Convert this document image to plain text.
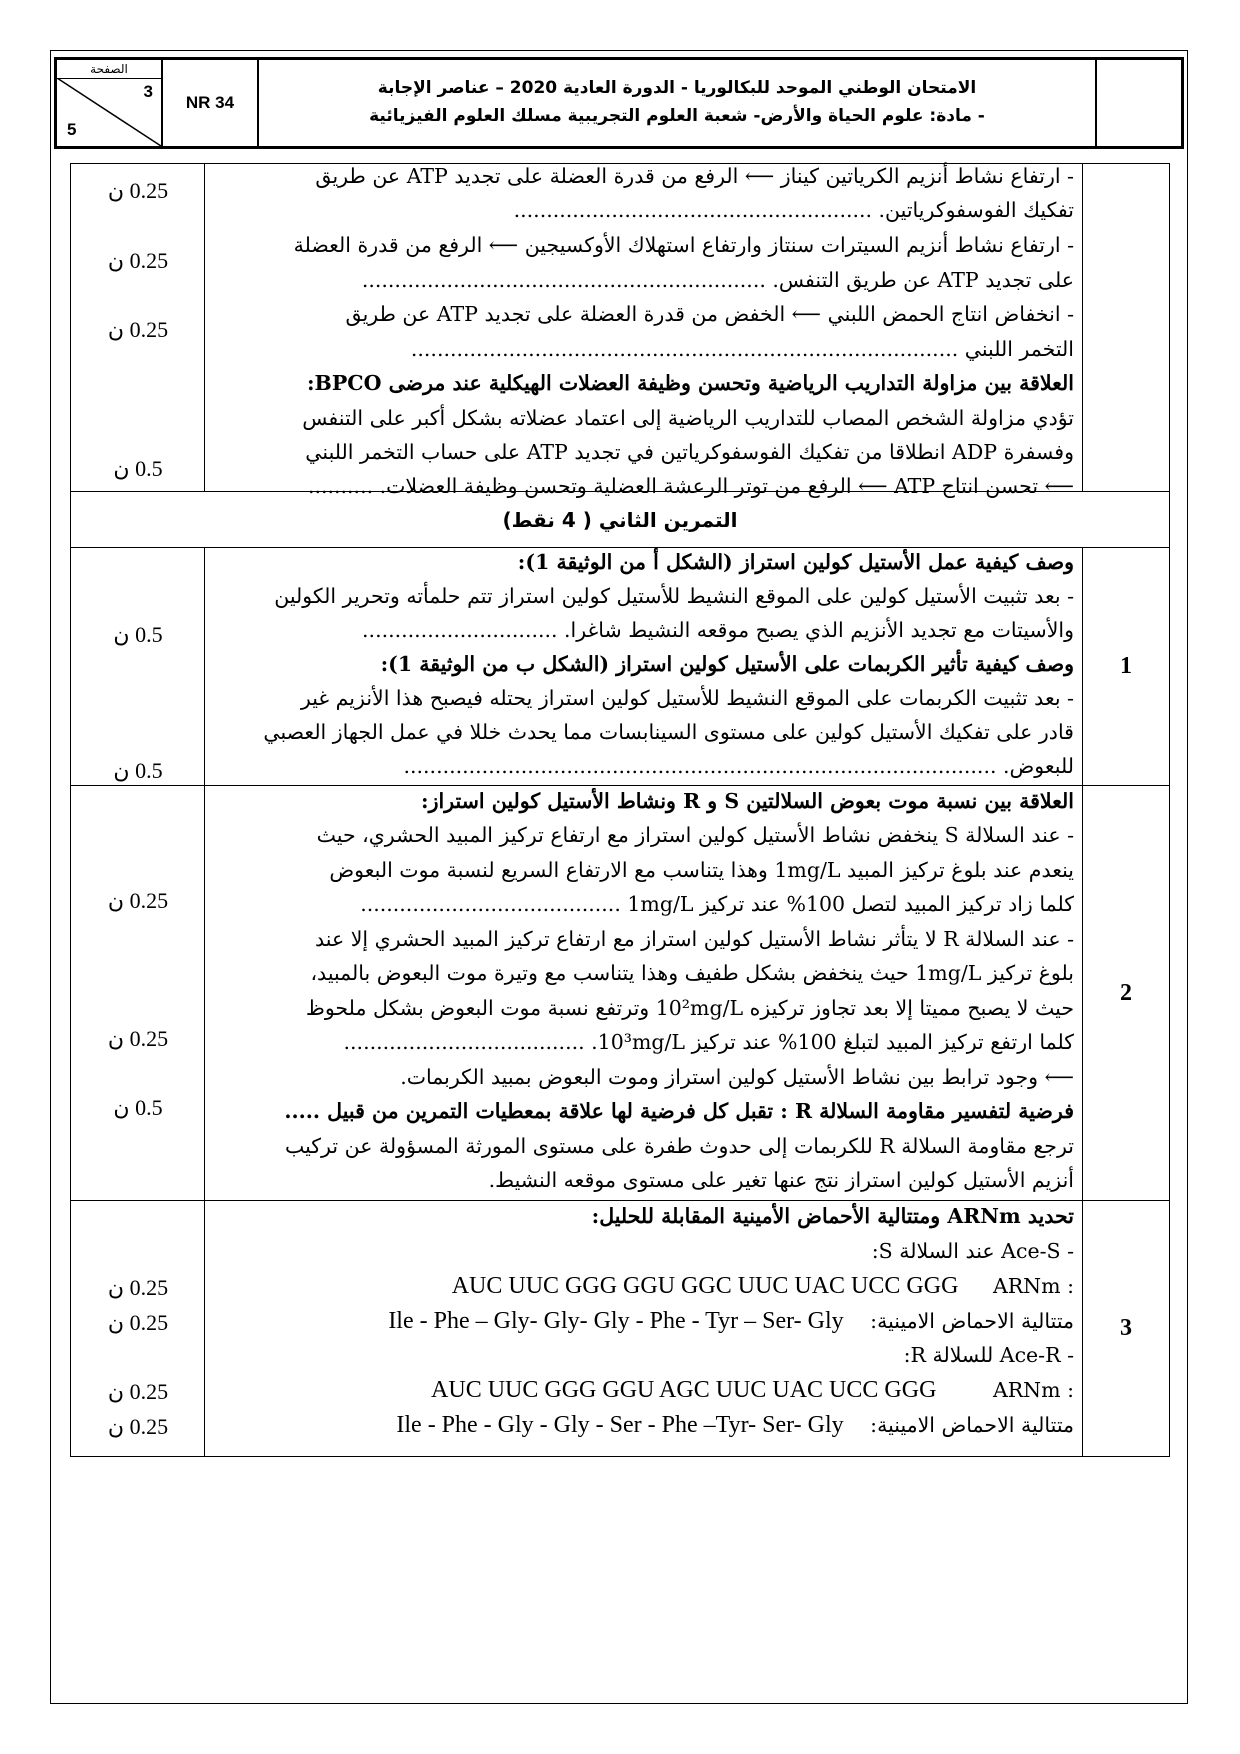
الصفحة
3
5
NR 34
الامتحان الوطني الموحد للبكالوريا - الدورة العادية 2020 – عناصر الإجابة
- مادة: علوم الحياة والأرض- شعبة العلوم التجريبية مسلك العلوم الفيزيائية
0.25 ن
0.25 ن
0.25 ن
0.5 ن
- ارتفاع نشاط أنزيم الكرياتين كيناز ⟵ الرفع من قدرة العضلة على تجديد ATP عن طريق
تفكيك الفوسفوكرياتين. .......................................................
- ارتفاع نشاط أنزيم السيترات سنتاز وارتفاع استهلاك الأوكسيجين ⟵ الرفع من قدرة العضلة
على تجديد ATP عن طريق التنفس. ..............................................................
- انخفاض انتاج الحمض اللبني ⟵ الخفض من قدرة العضلة على تجديد ATP عن طريق
التخمر اللبني ....................................................................................
العلاقة بين مزاولة التداريب الرياضية وتحسن وظيفة العضلات الهيكلية عند مرضى BPCO:
تؤدي مزاولة الشخص المصاب للتداريب الرياضية إلى اعتماد عضلاته بشكل أكبر على التنفس
وفسفرة ADP انطلاقا من تفكيك الفوسفوكرياتين في تجديد ATP على حساب التخمر اللبني
⟵ تحسن انتاج ATP ⟵ الرفع من توتر الرعشة العضلية وتحسن وظيفة العضلات. ..........
التمرين الثاني ( 4 نقط)
0.5 ن
0.5 ن
وصف كيفية عمل الأستيل كولين استراز (الشكل أ من الوثيقة 1):
- بعد تثبيت الأستيل كولين على الموقع النشيط للأستيل كولين استراز تتم حلمأته وتحرير الكولين
والأسيتات مع تجديد الأنزيم الذي يصبح موقعه النشيط شاغرا. ..............................
وصف كيفية تأثير الكربمات على الأستيل كولين استراز (الشكل ب من الوثيقة 1):
- بعد تثبيت الكربمات على الموقع النشيط للأستيل كولين استراز يحتله فيصبح هذا الأنزيم غير
قادر على تفكيك الأستيل كولين على مستوى السينابسات مما يحدث خللا في عمل الجهاز العصبي
للبعوض. ...........................................................................................
1
0.25 ن
0.25 ن
0.5 ن
العلاقة بين نسبة موت بعوض السلالتين S و R ونشاط الأستيل كولين استراز:
- عند السلالة S ينخفض نشاط الأستيل كولين استراز مع ارتفاع تركيز المبيد الحشري، حيث
ينعدم عند بلوغ تركيز المبيد 1mg/L وهذا يتناسب مع الارتفاع السريع لنسبة موت البعوض
كلما زاد تركيز المبيد لتصل 100% عند تركيز 1mg/L ........................................
- عند السلالة R لا يتأثر نشاط الأستيل كولين استراز مع ارتفاع تركيز المبيد الحشري إلا عند
بلوغ تركيز 1mg/L حيث ينخفض بشكل طفيف وهذا يتناسب مع وتيرة موت البعوض بالمبيد،
حيث لا يصبح مميتا إلا بعد تجاوز تركيزه 10²mg/L وترتفع نسبة موت البعوض بشكل ملحوظ
كلما ارتفع تركيز المبيد لتبلغ 100% عند تركيز 10³mg/L. .....................................
⟵ وجود ترابط بين نشاط الأستيل كولين استراز وموت البعوض بمبيد الكربمات.
فرضية لتفسير مقاومة السلالة R : تقبل كل فرضية لها علاقة بمعطيات التمرين من قبيل .....
ترجع مقاومة السلالة R للكربمات إلى حدوث طفرة على مستوى المورثة المسؤولة عن تركيب
أنزيم الأستيل كولين استراز نتج عنها تغير على مستوى موقعه النشيط.
2
0.25 ن
0.25 ن
0.25 ن
0.25 ن
تحديد ARNm ومتتالية الأحماض الأمينية المقابلة للحليل:
- Ace-S عند السلالة S:
: ARNm AUC UUC GGG GGU GGC UUC UAC UCC GGG
متتالية الاحماض الامينية: Ile - Phe – Gly- Gly- Gly - Phe - Tyr – Ser- Gly
- Ace-R للسلالة R:
: ARNm AUC UUC GGG GGU AGC UUC UAC UCC GGG
متتالية الاحماض الامينية: Ile - Phe - Gly - Gly - Ser - Phe –Tyr- Ser- Gly
3
